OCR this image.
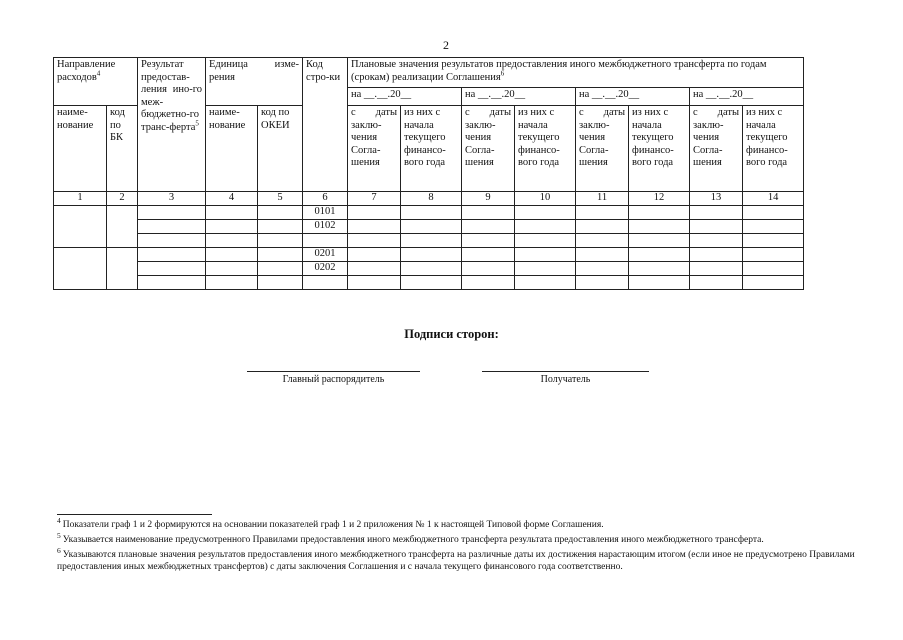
2
Направление расходов$^4$		Результат предостав-ления ино-го меж-бюджетно-го транс-ферта$^5$	Единица изме-рения		Код стро-ки	Плановые значения результатов предоставления иного межбюджетного трансферта по годам (срокам) реализации Соглашения$^6$
						на __.__.20__		на __.__.20__		на __.__.20__		на __.__.20__	
наиме-нование	код по БК		наиме-нование	код по ОКЕИ		с даты заклю-чения Согла-шения	из них с начала текущего финансо-вого года	с даты заклю-чения Согла-шения	из них с начала текущего финансо-вого года	с даты заклю-чения Согла-шения	из них с начала текущего финансо-вого года	с даты заклю-чения Согла-шения	из них с начала текущего финансо-вого года
1	2	3	4	5	6	7	8	9	10	11	12	13	14
					0101								
					0102								

					0201								
					0202								

Подписи сторон:
Главный распорядитель	Получатель
$^4$ Показатели граф 1 и 2 формируются на основании показателей граф 1 и 2 приложения № 1 к настоящей Типовой форме Соглашения.
$^5$ Указывается наименование предусмотренного Правилами предоставления иного межбюджетного трансферта результата предоставления иного межбюджетного трансферта.
$^6$ Указываются плановые значения результатов предоставления иного межбюджетного трансферта на различные даты их достижения нарастающим итогом (если иное не предусмотрено Правилами предоставления иных межбюджетных трансфертов) с даты заключения Соглашения и с начала текущего финансового года соответственно.
